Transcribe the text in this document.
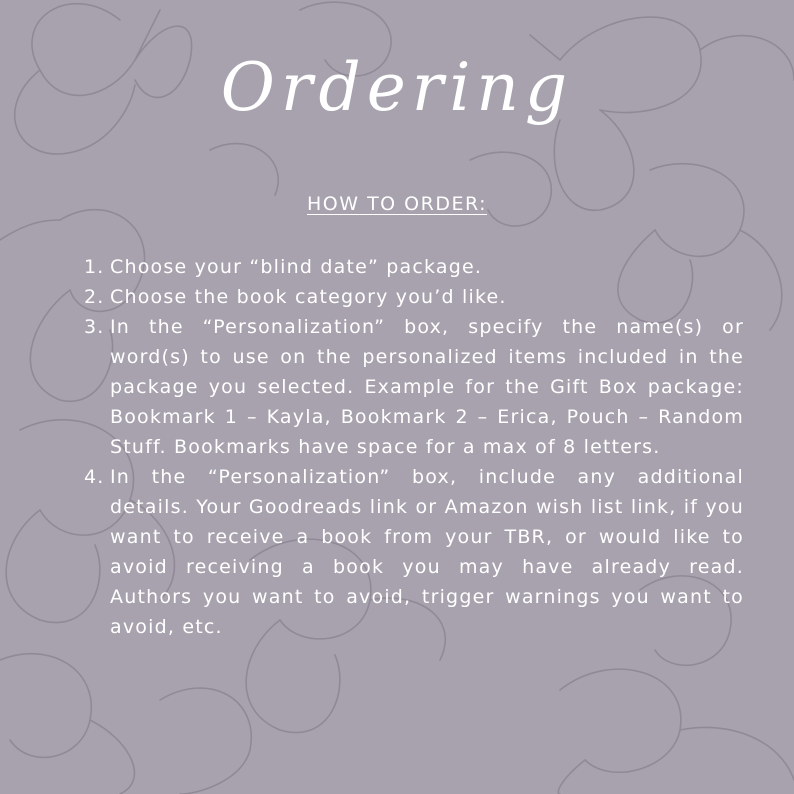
Ordering
HOW TO ORDER:
1. Choose your “blind date” package.
2. Choose the book category you’d like.
3. In the “Personalization” box, specify the name(s) or word(s) to use on the personalized items included in the package you selected. Example for the Gift Box package: Bookmark 1 – Kayla, Bookmark 2 – Erica, Pouch – Random Stuff. Bookmarks have space for a max of 8 letters.
4. In the “Personalization” box, include any additional details. Your Goodreads link or Amazon wish list link, if you want to receive a book from your TBR, or would like to avoid receiving a book you may have already read. Authors you want to avoid, trigger warnings you want to avoid, etc.
